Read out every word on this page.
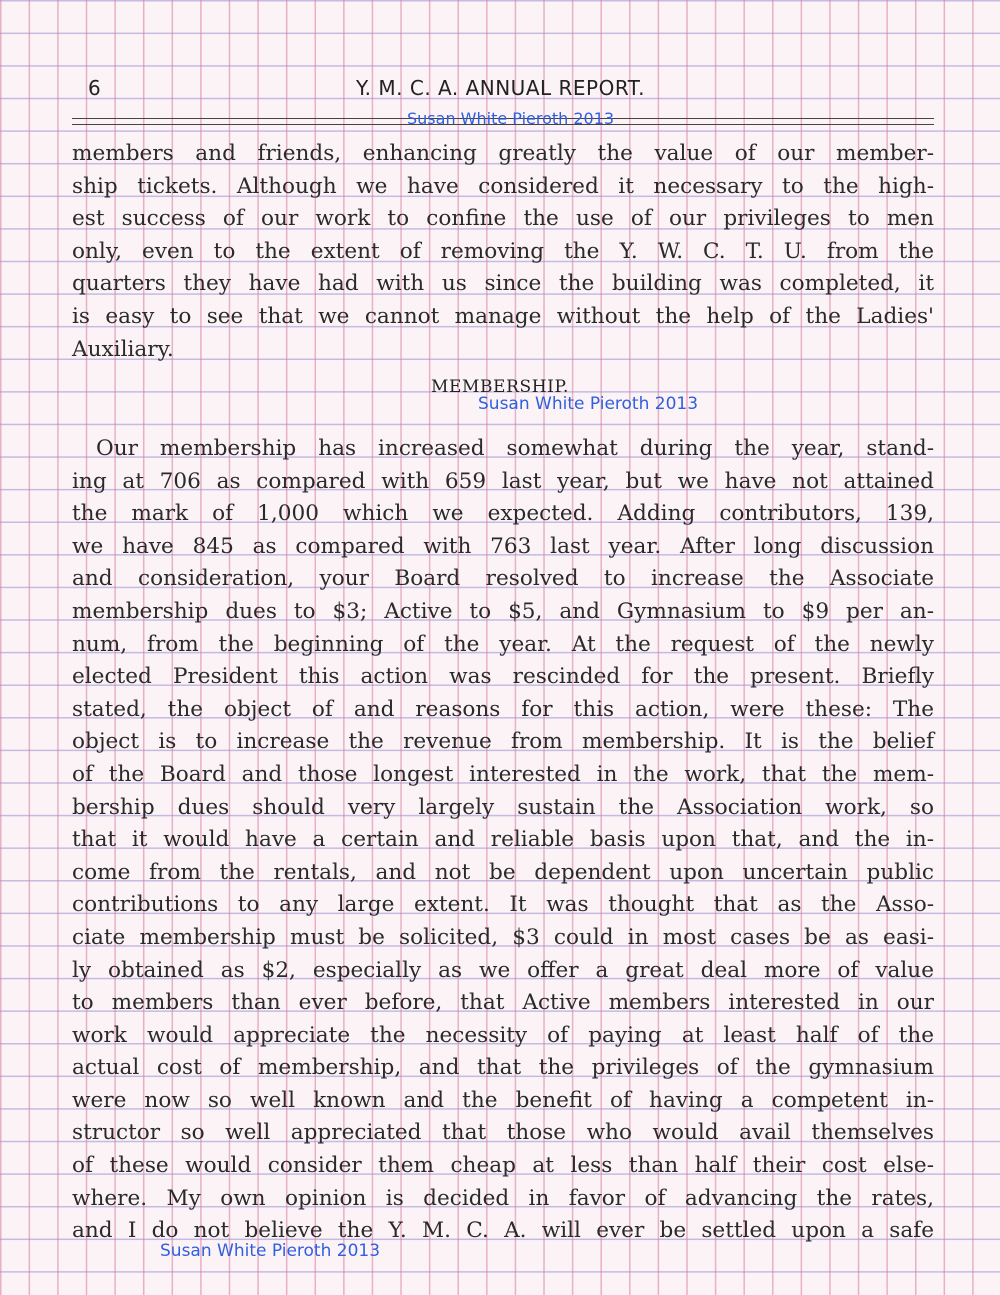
6	Y. M. C. A. ANNUAL REPORT.
Susan White Pieroth 2013
members and friends, enhancing greatly the value of our member-
ship tickets. Although we have considered it necessary to the high-
est success of our work to confine the use of our privileges to men
only, even to the extent of removing the Y. W. C. T. U. from the
quarters they have had with us since the building was completed, it
is easy to see that we cannot manage without the help of the Ladies'
Auxiliary.
MEMBERSHIP.
Susan White Pieroth 2013
Our membership has increased somewhat during the year, stand-
ing at 706 as compared with 659 last year, but we have not attained
the mark of 1,000 which we expected. Adding contributors, 139,
we have 845 as compared with 763 last year. After long discussion
and consideration, your Board resolved to increase the Associate
membership dues to $3; Active to $5, and Gymnasium to $9 per an-
num, from the beginning of the year. At the request of the newly
elected President this action was rescinded for the present. Briefly
stated, the object of and reasons for this action, were these: The
object is to increase the revenue from membership. It is the belief
of the Board and those longest interested in the work, that the mem-
bership dues should very largely sustain the Association work, so
that it would have a certain and reliable basis upon that, and the in-
come from the rentals, and not be dependent upon uncertain public
contributions to any large extent. It was thought that as the Asso-
ciate membership must be solicited, $3 could in most cases be as easi-
ly obtained as $2, especially as we offer a great deal more of value
to members than ever before, that Active members interested in our
work would appreciate the necessity of paying at least half of the
actual cost of membership, and that the privileges of the gymnasium
were now so well known and the benefit of having a competent in-
structor so well appreciated that those who would avail themselves
of these would consider them cheap at less than half their cost else-
where. My own opinion is decided in favor of advancing the rates,
and I do not believe the Y. M. C. A. will ever be settled upon a safe
Susan White Pieroth 2013
